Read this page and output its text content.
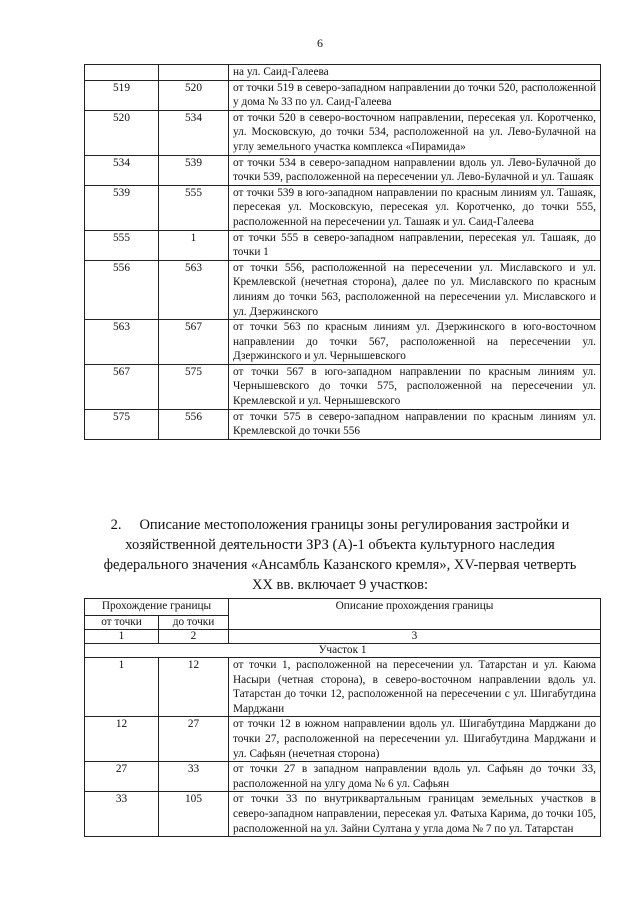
6
		на ул. Саид-Галеева
519	520	от точки 519 в северо-западном направлении до точки 520, расположенной у дома № 33 по ул. Саид-Галеева
520	534	от точки 520 в северо-восточном направлении, пересекая ул. Коротченко, ул. Московскую, до точки 534, расположенной на ул. Лево-Булачной на углу земельного участка комплекса «Пирамида»
534	539	от точки 534 в северо-западном направлении вдоль ул. Лево-Булачной до точки 539, расположенной на пересечении ул. Лево-Булачной и ул. Ташаяк
539	555	от точки 539 в юго-западном направлении по красным линиям ул. Ташаяк, пересекая ул. Московскую, пересекая ул. Коротченко, до точки 555, расположенной на пересечении ул. Ташаяк и ул. Саид-Галеева
555	1	от точки 555 в северо-западном направлении, пересекая ул. Ташаяк, до точки 1
556	563	от точки 556, расположенной на пересечении ул. Миславского и ул. Кремлевской (нечетная сторона), далее по ул. Миславского по красным линиям до точки 563, расположенной на пересечении ул. Миславского и ул. Дзержинского
563	567	от точки 563 по красным линиям ул. Дзержинского в юго-восточном направлении до точки 567, расположенной на пересечении ул. Дзержинского и ул. Чернышевского
567	575	от точки 567 в юго-западном направлении по красным линиям ул. Чернышевского до точки 575, расположенной на пересечении ул. Кремлевской и ул. Чернышевского
575	556	от точки 575 в северо-западном направлении по красным линиям ул. Кремлевской до точки 556
2. Описание местоположения границы зоны регулирования застройки и хозяйственной деятельности ЗРЗ (А)-1 объекта культурного наследия федерального значения «Ансамбль Казанского кремля», XV-первая четверть XX вв. включает 9 участков:
Прохождение границы		Описание прохождения границы
от точки	до точки	
1	2	3
Участок 1		
1	12	от точки 1, расположенной на пересечении ул. Татарстан и ул. Каюма Насыри (четная сторона), в северо-восточном направлении вдоль ул. Татарстан до точки 12, расположенной на пересечении с ул. Шигабутдина Марджани
12	27	от точки 12 в южном направлении вдоль ул. Шигабутдина Марджани до точки 27, расположенной на пересечении ул. Шигабутдина Марджани и ул. Сафьян (нечетная сторона)
27	33	от точки 27 в западном направлении вдоль ул. Сафьян до точки 33, расположенной на улгу дома № 6 ул. Сафьян
33	105	от точки 33 по внутриквартальным границам земельных участков в северо-западном направлении, пересекая ул. Фатыха Карима, до точки 105, расположенной на ул. Зайни Султана у угла дома № 7 по ул. Татарстан
